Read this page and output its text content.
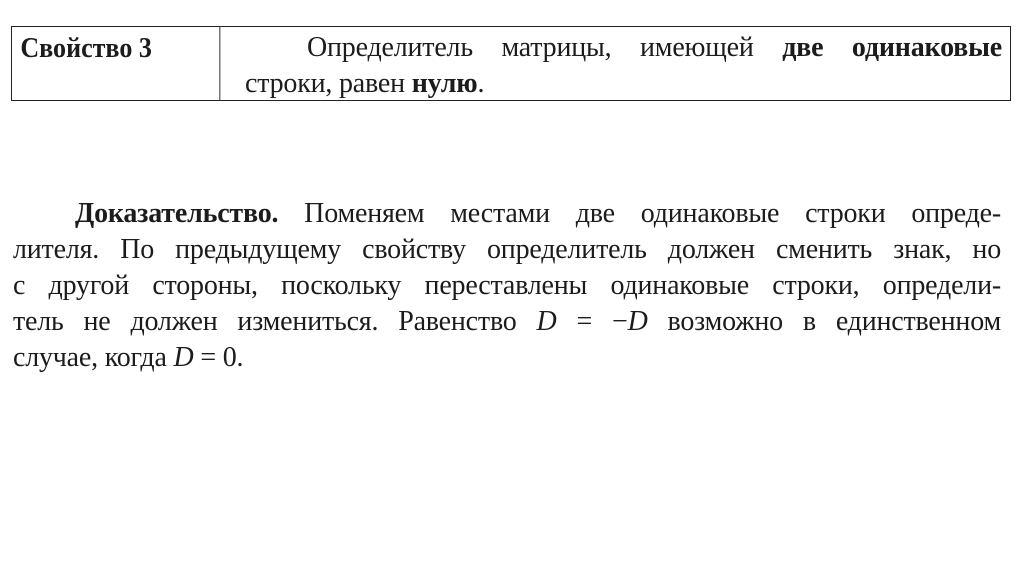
Свойство 3	Определитель матрицы, имеющей две одинаковые строки, равен нулю.
Доказательство. Поменяем местами две одинаковые строки опреде-
лителя. По предыдущему свойству определитель должен сменить знак, но
с другой стороны, поскольку переставлены одинаковые строки, определи-
тель не должен измениться. Равенство D = −D возможно в единственном
случае, когда D = 0.
